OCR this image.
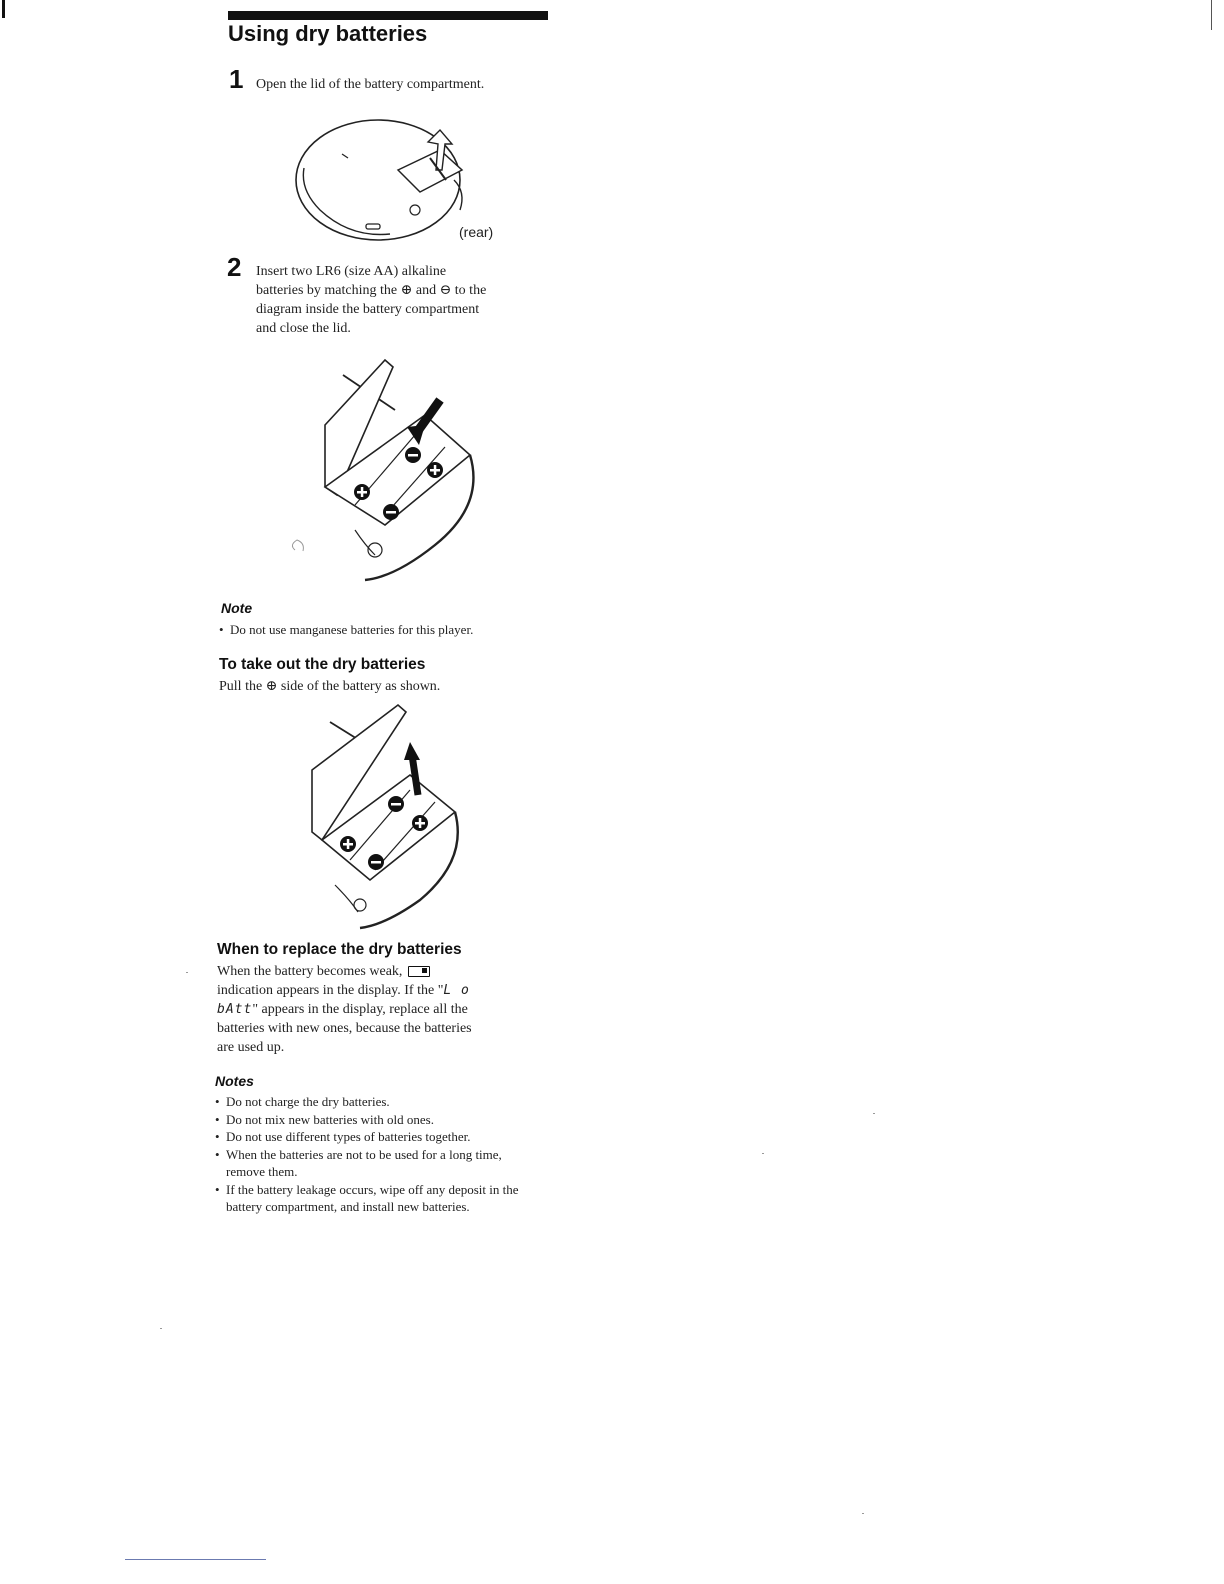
Using dry batteries
1 Open the lid of the battery compartment.

(rear)
2 Insert two LR6 (size AA) alkaline

batteries by matching the ⊕ and ⊖ to the

diagram inside the battery compartment

and close the lid.

Note
• Do not use manganese batteries for this player.
To take out the dry batteries

Pull the ⊕ side of the battery as shown.

When to replace the dry batteries

When the battery becomes weak,

indication appears in the display. If the "L o

bAtt" appears in the display, replace all the

batteries with new ones, because the batteries

are used up.

Notes
• Do not charge the dry batteries.
• Do not mix new batteries with old ones.
• Do not use different types of batteries together.
• When the batteries are not to be used for a long time, remove them.
• If the battery leakage occurs, wipe off any deposit in the battery compartment, and install new batteries.
